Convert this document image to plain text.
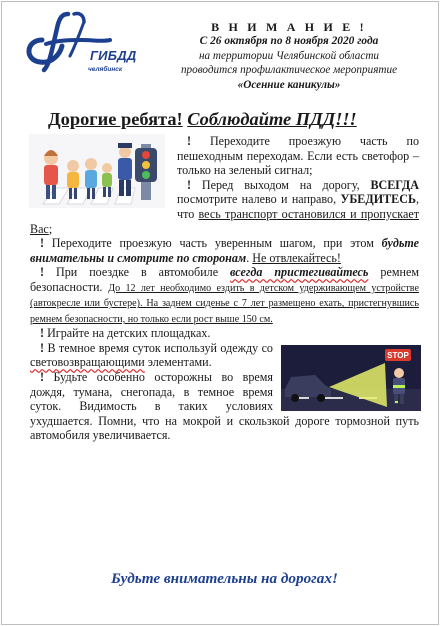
ГИБДД
челябинск
В Н И М А Н И Е !
С 26 октября по 8 ноября 2020 года
на территории Челябинской области
проводится профилактическое мероприятие
«Осенние каникулы»
Дорогие ребята! Соблюдайте ПДД!!!

! Переходите проезжую часть по пешеходным переходам. Если есть светофор – только на зеленый сигнал;

! Перед выходом на дорогу, ВСЕГДА посмотрите налево и направо, УБЕДИТЕСЬ, что весь транспорт остановился и пропускает Вас;

! Переходите проезжую часть уверенным шагом, при этом будьте внимательны и смотрите по сторонам. Не отвлекайтесь!

! При поездке в автомобиле всегда пристегивайтесь ремнем безопасности. До 12 лет необходимо ездить в детском удерживающем устройстве (автокресле или бустере). На заднем сиденье с 7 лет размещено ехать, пристегнувшись ремнем безопасности, но только если рост выше 150 см.

! Играйте на детских площадках.

STOP

! В темное время суток используй одежду со световозвращающими элементами.

! Будьте особенно осторожны во время дождя, тумана, снегопада, в темное время суток. Видимость в таких условиях ухудшается. Помни, что на мокрой и скользкой дороге тормозной путь автомобиля увеличивается.

Будьте внимательны на дорогах!
